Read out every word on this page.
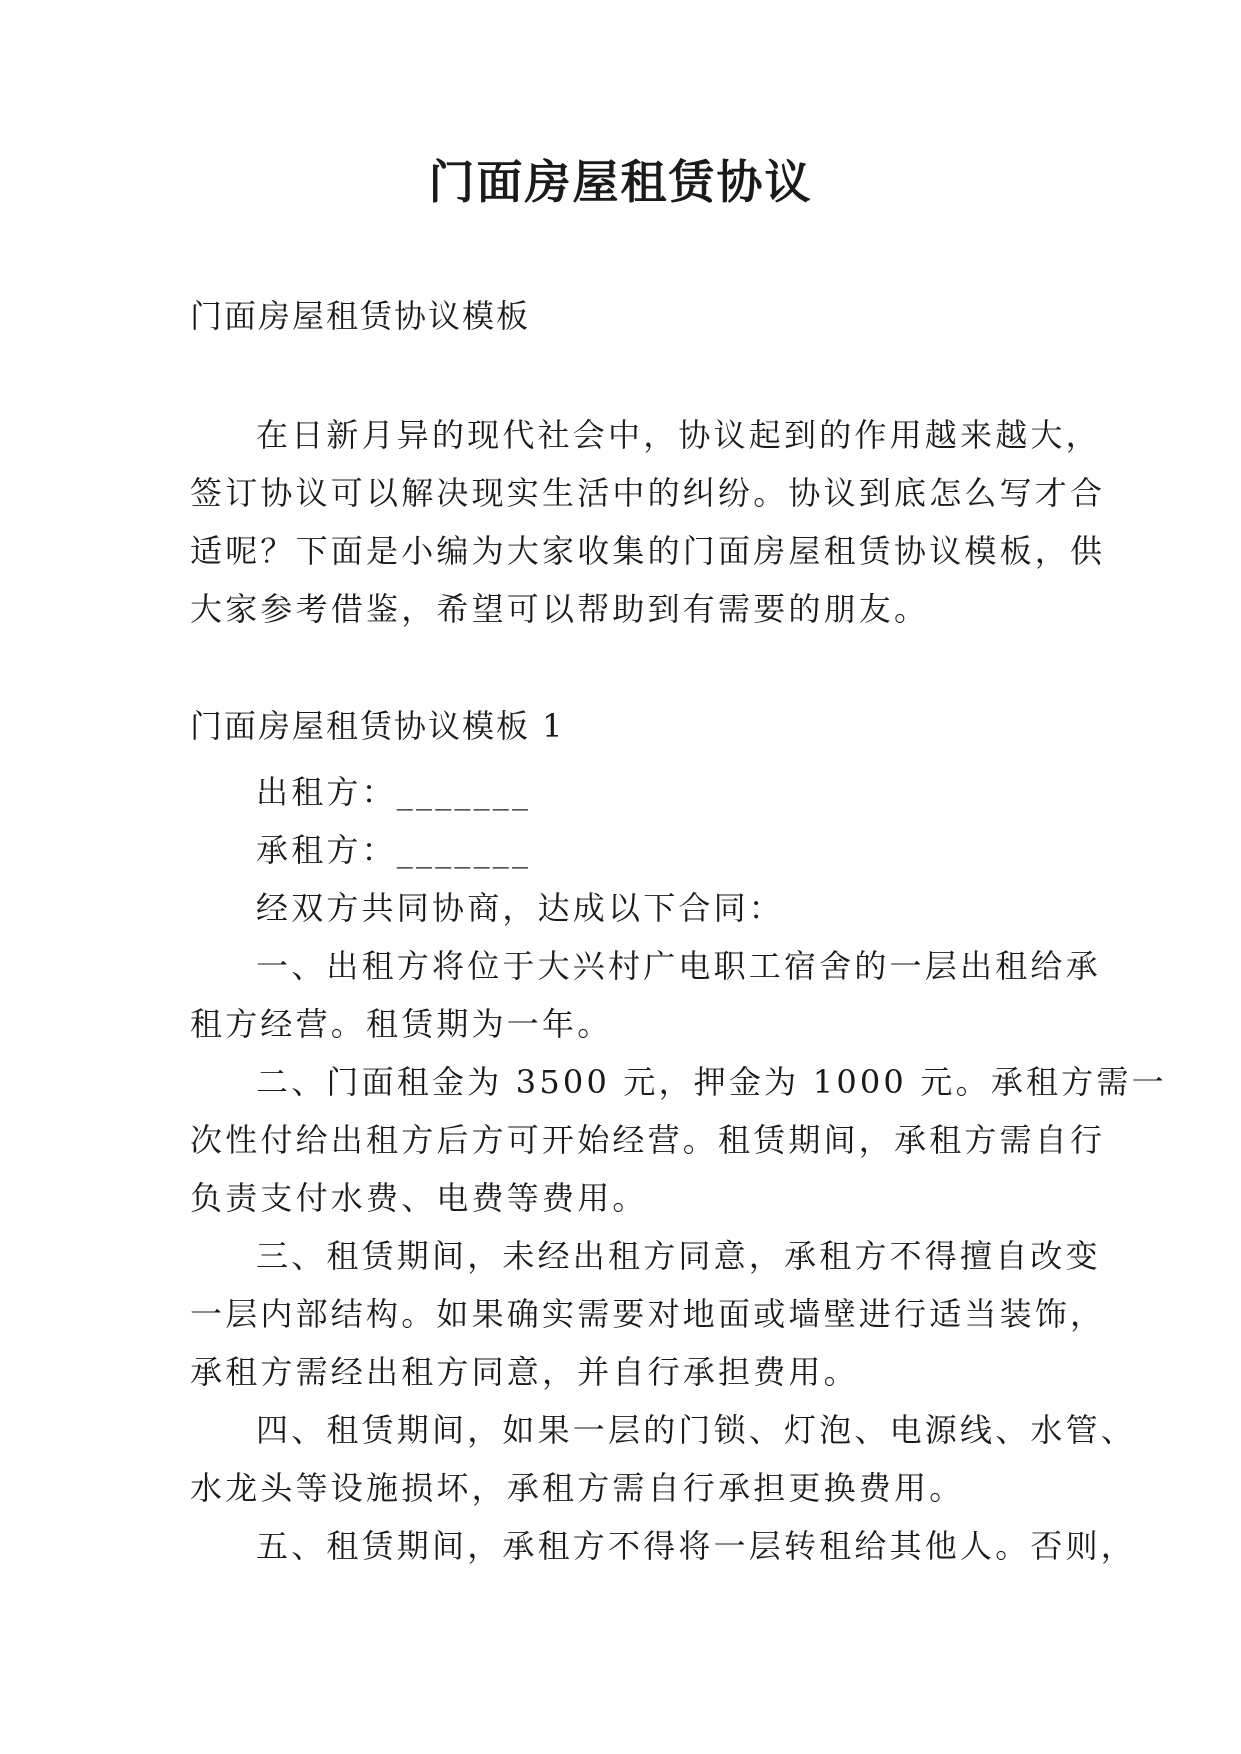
门面房屋租赁协议

门面房屋租赁协议模板

在日新月异的现代社会中，协议起到的作用越来越大，

签订协议可以解决现实生活中的纠纷。协议到底怎么写才合

适呢？下面是小编为大家收集的门面房屋租赁协议模板，供

大家参考借鉴，希望可以帮助到有需要的朋友。

门面房屋租赁协议模板 1

出租方：_______

承租方：_______

经双方共同协商，达成以下合同：

一、出租方将位于大兴村广电职工宿舍的一层出租给承

租方经营。租赁期为一年。

二、门面租金为 3500 元，押金为 1000 元。承租方需一

次性付给出租方后方可开始经营。租赁期间，承租方需自行

负责支付水费、电费等费用。

三、租赁期间，未经出租方同意，承租方不得擅自改变

一层内部结构。如果确实需要对地面或墙壁进行适当装饰，

承租方需经出租方同意，并自行承担费用。

四、租赁期间，如果一层的门锁、灯泡、电源线、水管、

水龙头等设施损坏，承租方需自行承担更换费用。

五、租赁期间，承租方不得将一层转租给其他人。否则，
